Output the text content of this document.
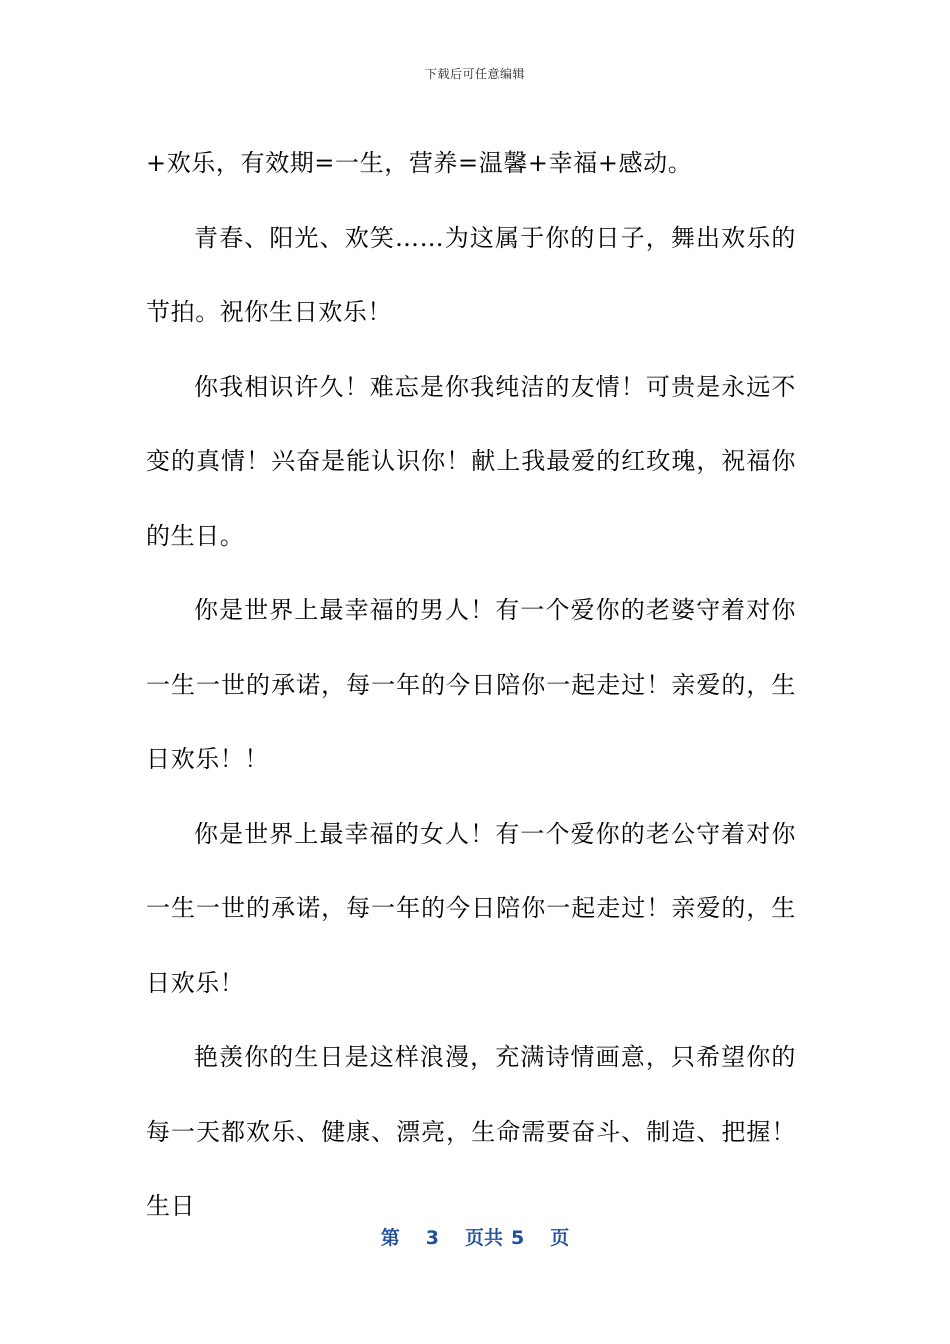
下载后可任意编辑

+欢乐，有效期=一生，营养=温馨+幸福+感动。

青春、阳光、欢笑……为这属于你的日子，舞出欢乐的节拍。祝你生日欢乐！

你我相识许久！难忘是你我纯洁的友情！可贵是永远不变的真情！兴奋是能认识你！献上我最爱的红玫瑰，祝福你的生日。

你是世界上最幸福的男人！有一个爱你的老婆守着对你一生一世的承诺，每一年的今日陪你一起走过！亲爱的，生日欢乐！！

你是世界上最幸福的女人！有一个爱你的老公守着对你一生一世的承诺，每一年的今日陪你一起走过！亲爱的，生日欢乐！

艳羡你的生日是这样浪漫，充满诗情画意，只希望你的每一天都欢乐、健康、漂亮，生命需要奋斗、制造、把握！生日

第 3 页共 5 页
